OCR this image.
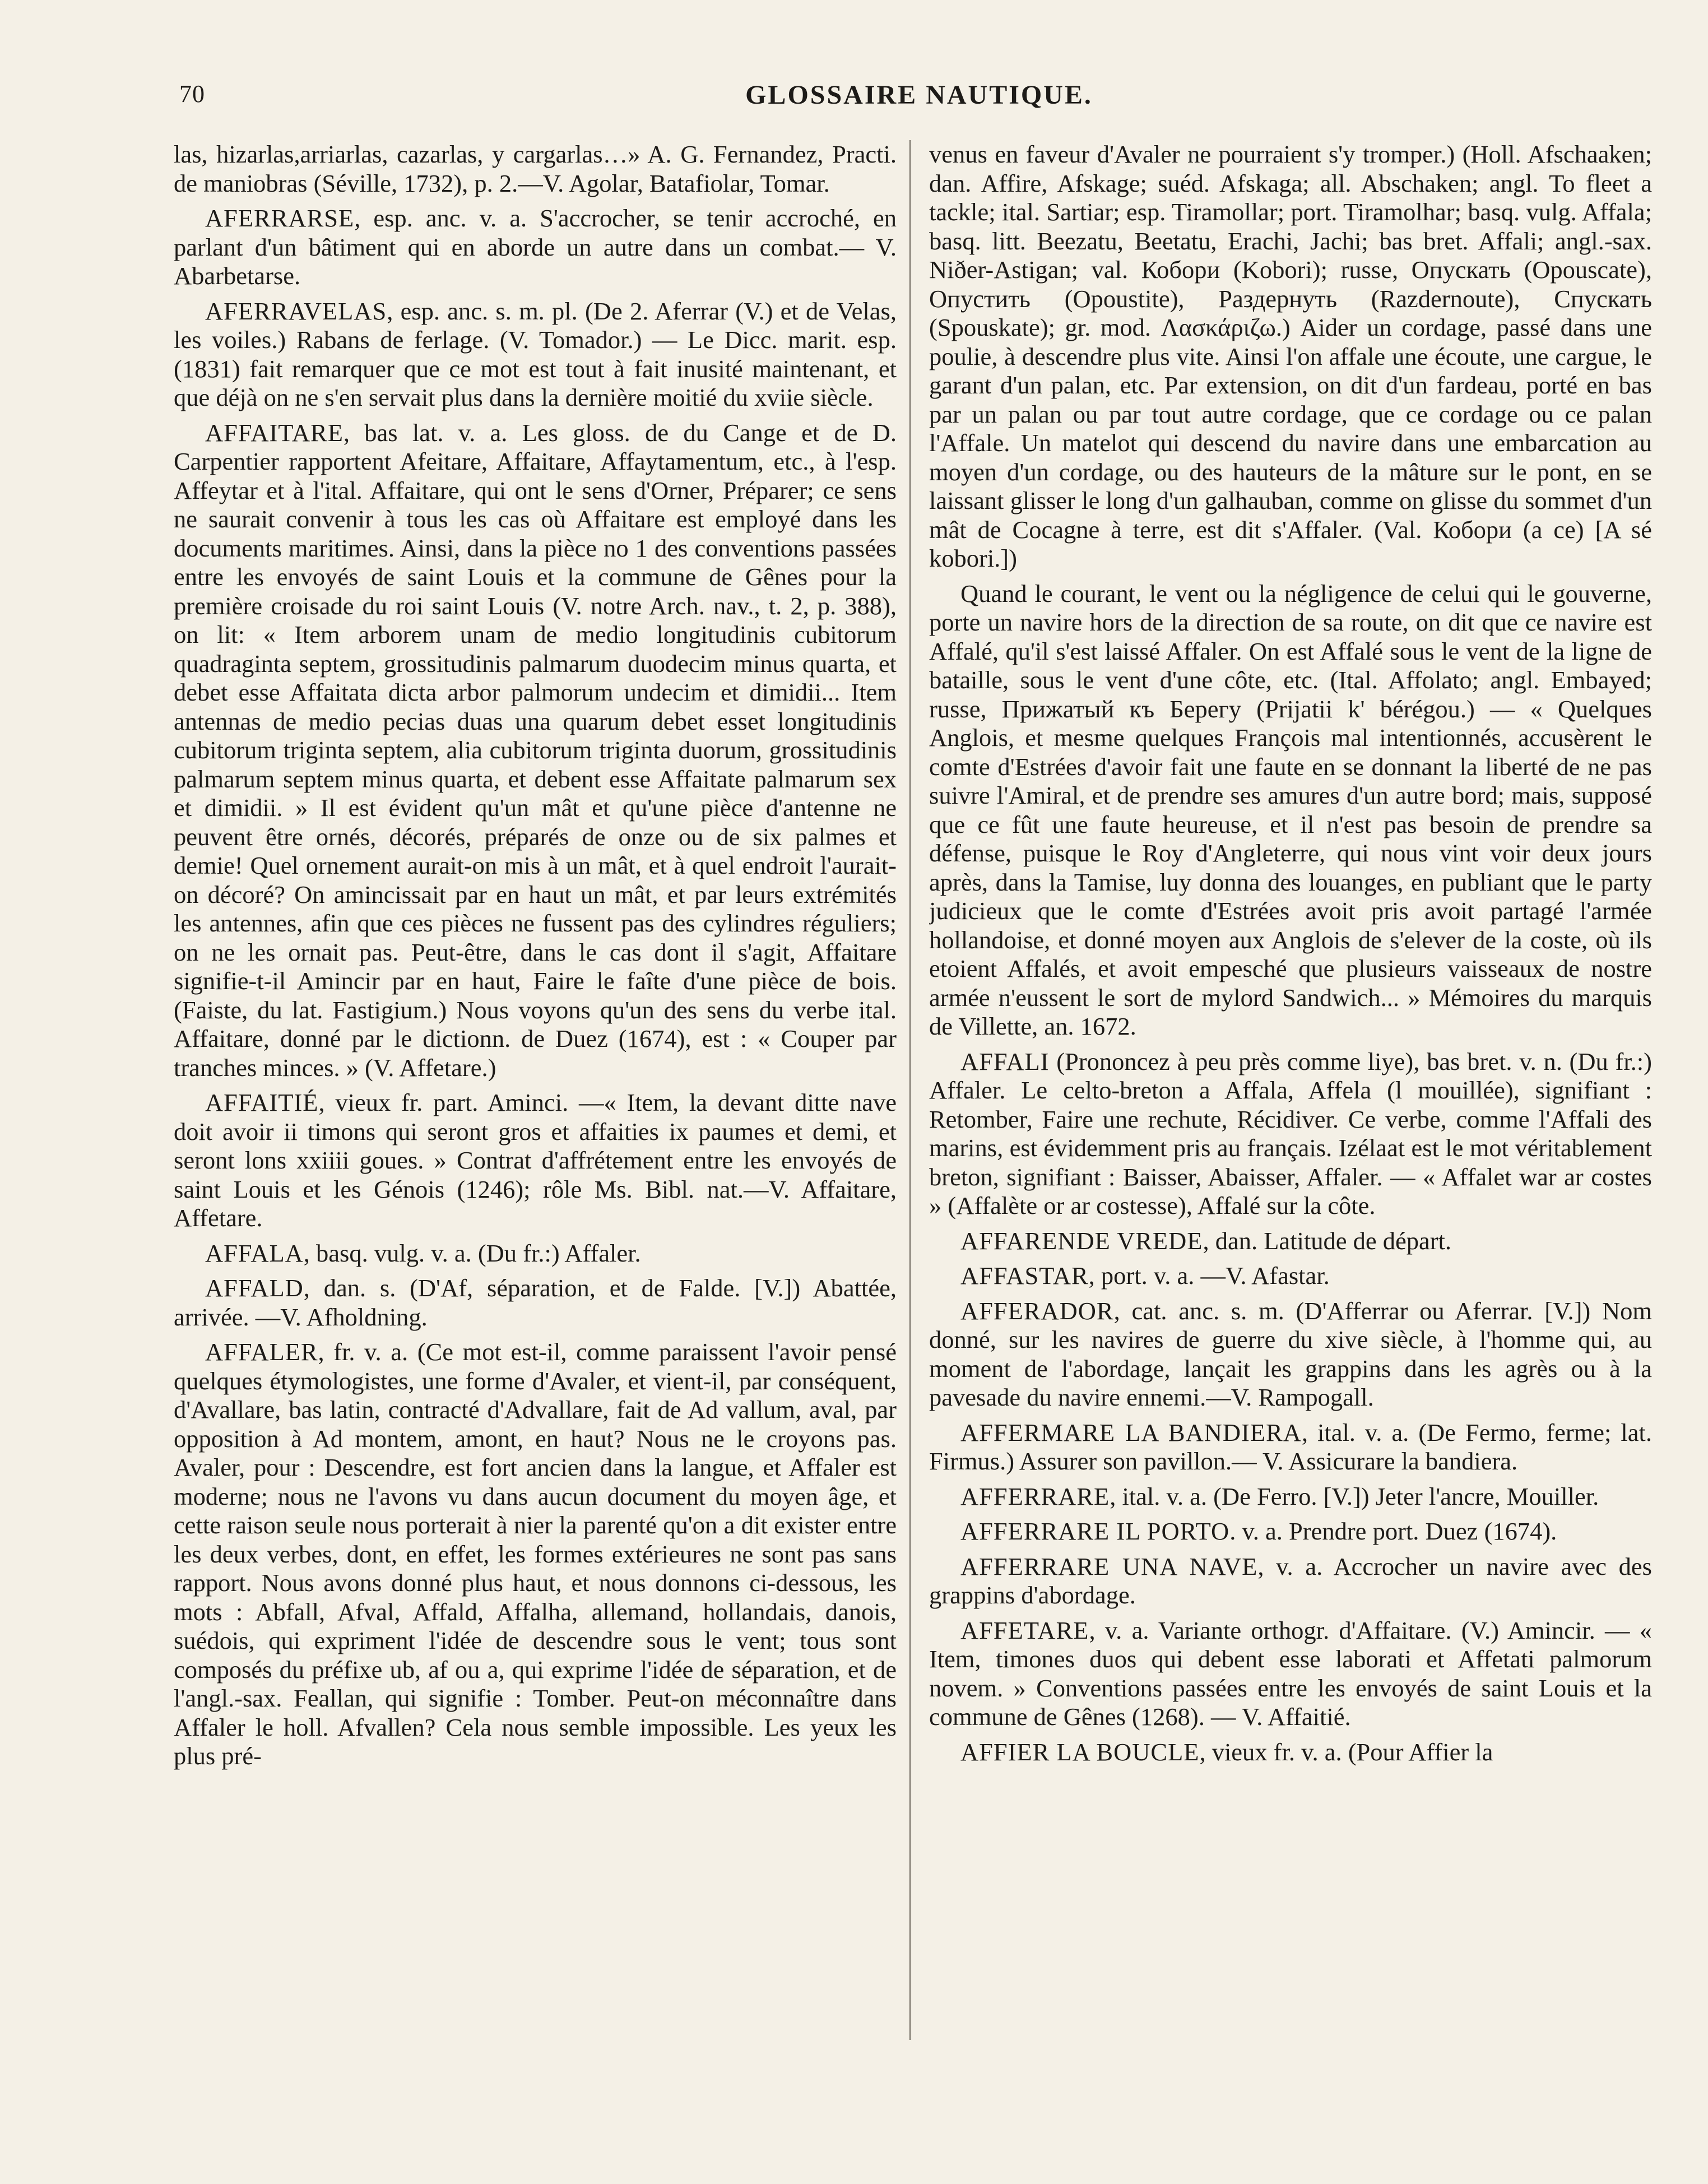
70	GLOSSAIRE NAUTIQUE.

las, hizarlas,arriarlas, cazarlas, y cargarlas…» A. G. Fernandez, Practi. de maniobras (Séville, 1732), p. 2.—V. Agolar, Batafiolar, Tomar.

AFERRARSE, esp. anc. v. a. S'accrocher, se tenir accroché, en parlant d'un bâtiment qui en aborde un autre dans un combat.— V. Abarbetarse.

AFERRAVELAS, esp. anc. s. m. pl. (De 2. Aferrar (V.) et de Velas, les voiles.) Rabans de ferlage. (V. Tomador.) — Le Dicc. marit. esp. (1831) fait remarquer que ce mot est tout à fait inusité maintenant, et que déjà on ne s'en servait plus dans la dernière moitié du xviie siècle.

AFFAITARE, bas lat. v. a. Les gloss. de du Cange et de D. Carpentier rapportent Afeitare, Affaitare, Affaytamentum, etc., à l'esp. Affeytar et à l'ital. Affaitare, qui ont le sens d'Orner, Préparer; ce sens ne saurait convenir à tous les cas où Affaitare est employé dans les documents maritimes. Ainsi, dans la pièce no 1 des conventions passées entre les envoyés de saint Louis et la commune de Gênes pour la première croisade du roi saint Louis (V. notre Arch. nav., t. 2, p. 388), on lit: « Item arborem unam de medio longitudinis cubitorum quadraginta septem, grossitudinis palmarum duodecim minus quarta, et debet esse Affaitata dicta arbor palmorum undecim et dimidii... Item antennas de medio pecias duas una quarum debet esset longitudinis cubitorum triginta septem, alia cubitorum triginta duorum, grossitudinis palmarum septem minus quarta, et debent esse Affaitate palmarum sex et dimidii. » Il est évident qu'un mât et qu'une pièce d'antenne ne peuvent être ornés, décorés, préparés de onze ou de six palmes et demie! Quel ornement aurait-on mis à un mât, et à quel endroit l'aurait-on décoré? On amincissait par en haut un mât, et par leurs extrémités les antennes, afin que ces pièces ne fussent pas des cylindres réguliers; on ne les ornait pas. Peut-être, dans le cas dont il s'agit, Affaitare signifie-t-il Amincir par en haut, Faire le faîte d'une pièce de bois. (Faiste, du lat. Fastigium.) Nous voyons qu'un des sens du verbe ital. Affaitare, donné par le dictionn. de Duez (1674), est : « Couper par tranches minces. » (V. Affetare.)

AFFAITIÉ, vieux fr. part. Aminci. —« Item, la devant ditte nave doit avoir ii timons qui seront gros et affaities ix paumes et demi, et seront lons xxiiii goues. » Contrat d'affrétement entre les envoyés de saint Louis et les Génois (1246); rôle Ms. Bibl. nat.—V. Affaitare, Affetare.

AFFALA, basq. vulg. v. a. (Du fr.:) Affaler.

AFFALD, dan. s. (D'Af, séparation, et de Falde. [V.]) Abattée, arrivée. —V. Afholdning.

AFFALER, fr. v. a. (Ce mot est-il, comme paraissent l'avoir pensé quelques étymologistes, une forme d'Avaler, et vient-il, par conséquent, d'Avallare, bas latin, contracté d'Advallare, fait de Ad vallum, aval, par opposition à Ad montem, amont, en haut? Nous ne le croyons pas. Avaler, pour : Descendre, est fort ancien dans la langue, et Affaler est moderne; nous ne l'avons vu dans aucun document du moyen âge, et cette raison seule nous porterait à nier la parenté qu'on a dit exister entre les deux verbes, dont, en effet, les formes extérieures ne sont pas sans rapport. Nous avons donné plus haut, et nous donnons ci-dessous, les mots : Abfall, Afval, Affald, Affalha, allemand, hollandais, danois, suédois, qui expriment l'idée de descendre sous le vent; tous sont composés du préfixe ub, af ou a, qui exprime l'idée de séparation, et de l'angl.-sax. Feallan, qui signifie : Tomber. Peut-on méconnaître dans Affaler le holl. Afvallen? Cela nous semble impossible. Les yeux les plus pré-

venus en faveur d'Avaler ne pourraient s'y tromper.) (Holl. Afschaaken; dan. Affire, Afskage; suéd. Afskaga; all. Abschaken; angl. To fleet a tackle; ital. Sartiar; esp. Tiramollar; port. Tiramolhar; basq. vulg. Affala; basq. litt. Beezatu, Beetatu, Erachi, Jachi; bas bret. Affali; angl.-sax. Niðer-Astigan; val. Кобори (Kobori); russe, Опускать (Opouscate), Опустить (Opoustite), Раздернуть (Razdernoute), Спускать (Spouskate); gr. mod. Λασκάριζω.) Aider un cordage, passé dans une poulie, à descendre plus vite. Ainsi l'on affale une écoute, une cargue, le garant d'un palan, etc. Par extension, on dit d'un fardeau, porté en bas par un palan ou par tout autre cordage, que ce cordage ou ce palan l'Affale. Un matelot qui descend du navire dans une embarcation au moyen d'un cordage, ou des hauteurs de la mâture sur le pont, en se laissant glisser le long d'un galhauban, comme on glisse du sommet d'un mât de Cocagne à terre, est dit s'Affaler. (Val. Кобори (a ce) [A sé kobori.])

Quand le courant, le vent ou la négligence de celui qui le gouverne, porte un navire hors de la direction de sa route, on dit que ce navire est Affalé, qu'il s'est laissé Affaler. On est Affalé sous le vent de la ligne de bataille, sous le vent d'une côte, etc. (Ital. Affolato; angl. Embayed; russe, Прижатый къ Берегу (Prijatii k' bérégou.) — « Quelques Anglois, et mesme quelques François mal intentionnés, accusèrent le comte d'Estrées d'avoir fait une faute en se donnant la liberté de ne pas suivre l'Amiral, et de prendre ses amures d'un autre bord; mais, supposé que ce fût une faute heureuse, et il n'est pas besoin de prendre sa défense, puisque le Roy d'Angleterre, qui nous vint voir deux jours après, dans la Tamise, luy donna des louanges, en publiant que le party judicieux que le comte d'Estrées avoit pris avoit partagé l'armée hollandoise, et donné moyen aux Anglois de s'elever de la coste, où ils etoient Affalés, et avoit empesché que plusieurs vaisseaux de nostre armée n'eussent le sort de mylord Sandwich... » Mémoires du marquis de Villette, an. 1672.

AFFALI (Prononcez à peu près comme liye), bas bret. v. n. (Du fr.:) Affaler. Le celto-breton a Affala, Affela (l mouillée), signifiant : Retomber, Faire une rechute, Récidiver. Ce verbe, comme l'Affali des marins, est évidemment pris au français. Izélaat est le mot véritablement breton, signifiant : Baisser, Abaisser, Affaler. — « Affalet war ar costes » (Affalète or ar costesse), Affalé sur la côte.

AFFARENDE VREDE, dan. Latitude de départ.

AFFASTAR, port. v. a. —V. Afastar.

AFFERADOR, cat. anc. s. m. (D'Afferrar ou Aferrar. [V.]) Nom donné, sur les navires de guerre du xive siècle, à l'homme qui, au moment de l'abordage, lançait les grappins dans les agrès ou à la pavesade du navire ennemi.—V. Rampogall.

AFFERMARE LA BANDIERA, ital. v. a. (De Fermo, ferme; lat. Firmus.) Assurer son pavillon.— V. Assicurare la bandiera.

AFFERRARE, ital. v. a. (De Ferro. [V.]) Jeter l'ancre, Mouiller.

AFFERRARE IL PORTO. v. a. Prendre port. Duez (1674).

AFFERRARE UNA NAVE, v. a. Accrocher un navire avec des grappins d'abordage.

AFFETARE, v. a. Variante orthogr. d'Affaitare. (V.) Amincir. — « Item, timones duos qui debent esse laborati et Affetati palmorum novem. » Conventions passées entre les envoyés de saint Louis et la commune de Gênes (1268). — V. Affaitié.

AFFIER LA BOUCLE, vieux fr. v. a. (Pour Affier la
